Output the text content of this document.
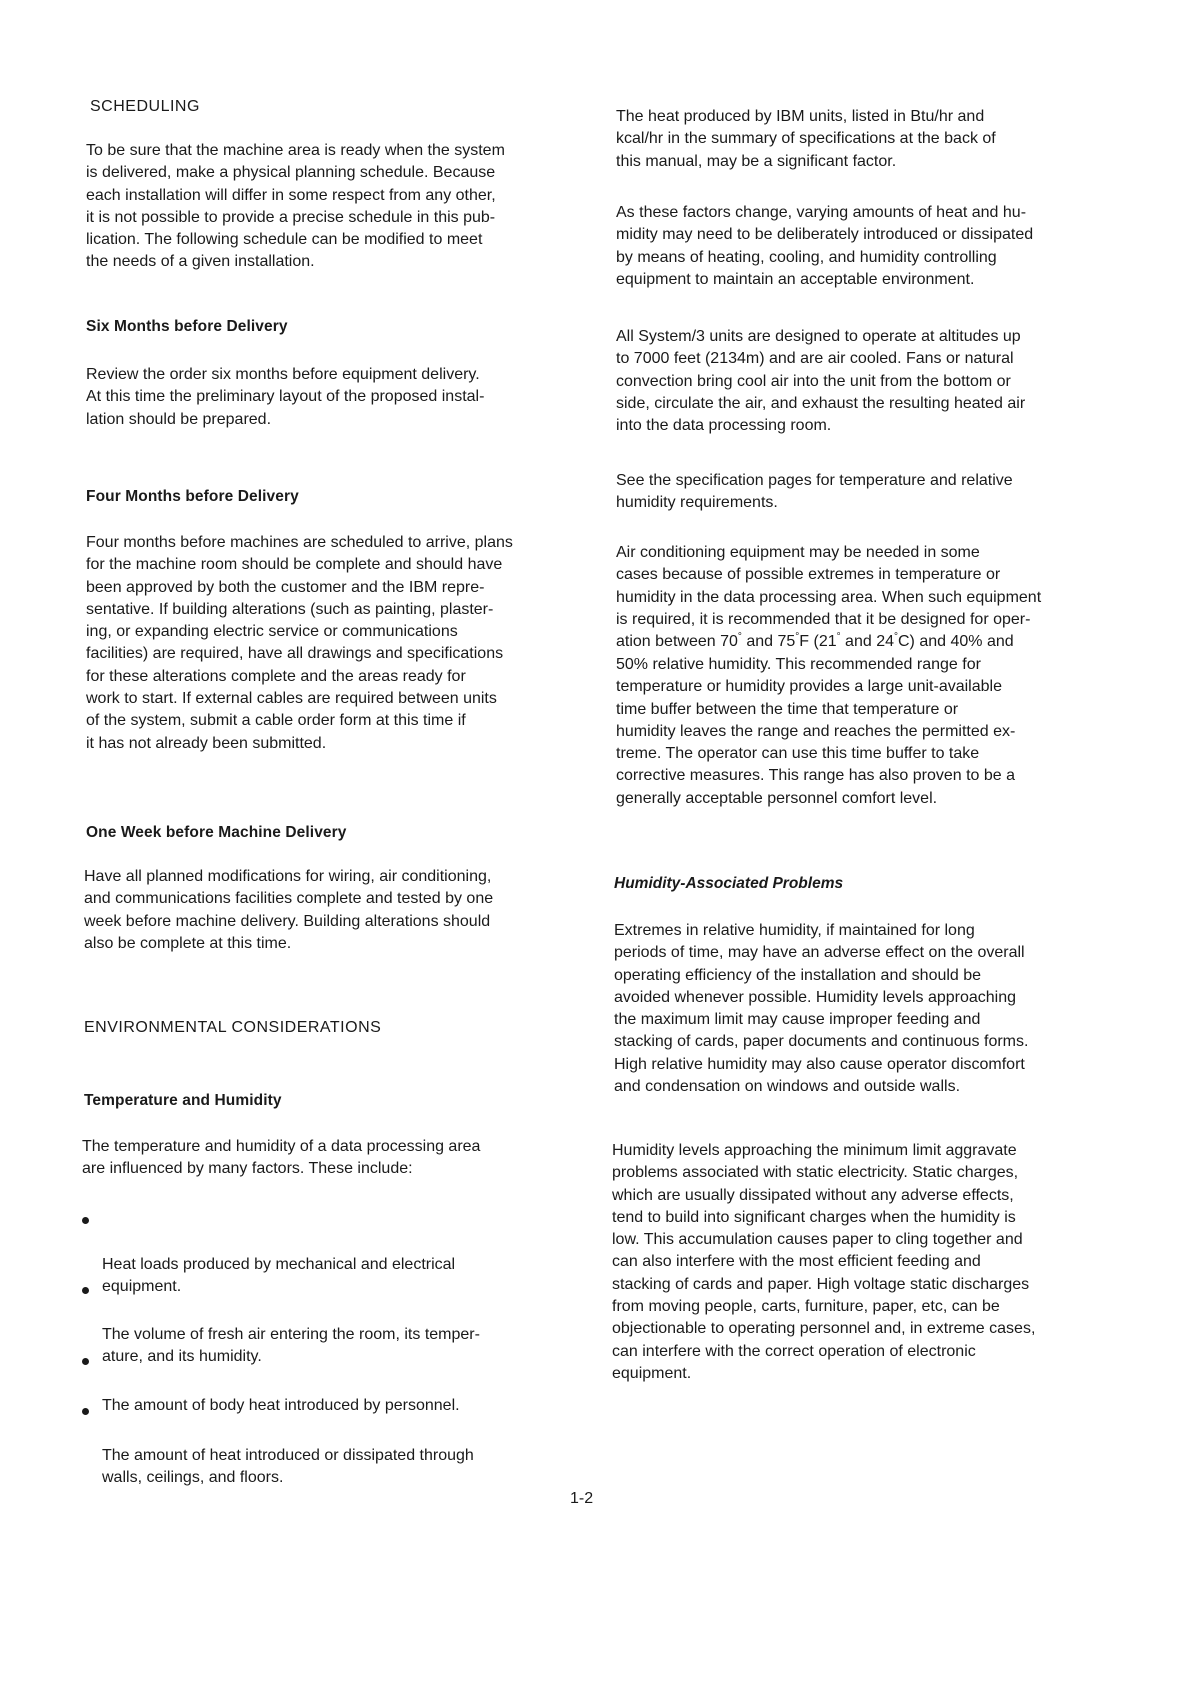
SCHEDULING

To be sure that the machine area is ready when the system
is delivered, make a physical planning schedule. Because
each installation will differ in some respect from any other,
it is not possible to provide a precise schedule in this pub-
lication. The following schedule can be modified to meet
the needs of a given installation.

Six Months before Delivery

Review the order six months before equipment delivery.
At this time the preliminary layout of the proposed instal-
lation should be prepared.

Four Months before Delivery

Four months before machines are scheduled to arrive, plans
for the machine room should be complete and should have
been approved by both the customer and the IBM repre-
sentative. If building alterations (such as painting, plaster-
ing, or expanding electric service or communications
facilities) are required, have all drawings and specifications
for these alterations complete and the areas ready for
work to start. If external cables are required between units
of the system, submit a cable order form at this time if
it has not already been submitted.

One Week before Machine Delivery

Have all planned modifications for wiring, air conditioning,
and communications facilities complete and tested by one
week before machine delivery. Building alterations should
also be complete at this time.

ENVIRONMENTAL CONSIDERATIONS
Temperature and Humidity

The temperature and humidity of a data processing area
are influenced by many factors. These include:

Heat loads produced by mechanical and electrical
equipment.

The volume of fresh air entering the room, its temper-
ature, and its humidity.

The amount of body heat introduced by personnel.

The amount of heat introduced or dissipated through
walls, ceilings, and floors.

The heat produced by IBM units, listed in Btu/hr and
kcal/hr in the summary of specifications at the back of
this manual, may be a significant factor.

As these factors change, varying amounts of heat and hu-
midity may need to be deliberately introduced or dissipated
by means of heating, cooling, and humidity controlling
equipment to maintain an acceptable environment.

All System/3 units are designed to operate at altitudes up
to 7000 feet (2134m) and are air cooled. Fans or natural
convection bring cool air into the unit from the bottom or
side, circulate the air, and exhaust the resulting heated air
into the data processing room.

See the specification pages for temperature and relative
humidity requirements.

Air conditioning equipment may be needed in some
cases because of possible extremes in temperature or
humidity in the data processing area. When such equipment
is required, it is recommended that it be designed for oper-

ation between 70° and 75°F (21° and 24°C) and 40% and

50% relative humidity. This recommended range for
temperature or humidity provides a large unit-available
time buffer between the time that temperature or
humidity leaves the range and reaches the permitted ex-
treme. The operator can use this time buffer to take
corrective measures. This range has also proven to be a
generally acceptable personnel comfort level.

Humidity-Associated Problems

Extremes in relative humidity, if maintained for long
periods of time, may have an adverse effect on the overall
operating efficiency of the installation and should be
avoided whenever possible. Humidity levels approaching
the maximum limit may cause improper feeding and
stacking of cards, paper documents and continuous forms.
High relative humidity may also cause operator discomfort
and condensation on windows and outside walls.

Humidity levels approaching the minimum limit aggravate
problems associated with static electricity. Static charges,
which are usually dissipated without any adverse effects,
tend to build into significant charges when the humidity is
low. This accumulation causes paper to cling together and
can also interfere with the most efficient feeding and
stacking of cards and paper. High voltage static discharges
from moving people, carts, furniture, paper, etc, can be
objectionable to operating personnel and, in extreme cases,
can interfere with the correct operation of electronic
equipment.

1-2
